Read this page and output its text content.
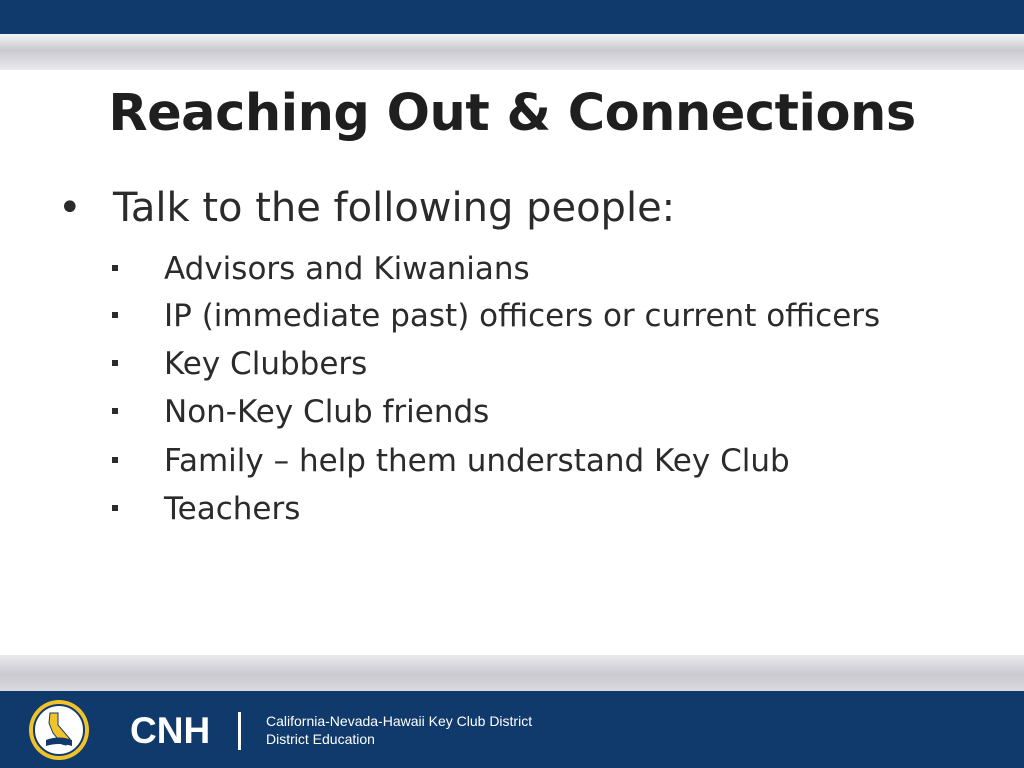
Reaching Out & Connections
• Talk to the following people:
Advisors and Kiwanians
IP (immediate past) officers or current officers
Key Clubbers
Non-Key Club friends
Family – help them understand Key Club
Teachers
CNH	California-Nevada-Hawaii Key Club District
District Education
